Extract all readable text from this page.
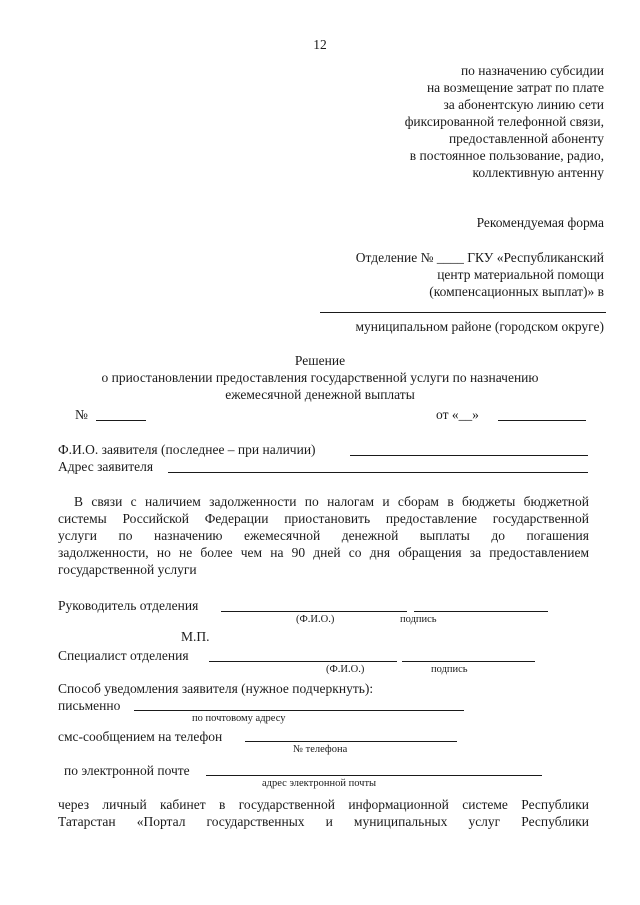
12
по назначению субсидии
на возмещение затрат по плате
за абонентскую линию сети
фиксированной телефонной связи,
предоставленной абоненту
в постоянное пользование, радио,
коллективную антенну
Рекомендуемая форма
Отделение № ____ ГКУ «Республиканский
центр материальной помощи
(компенсационных выплат)» в
муниципальном районе (городском округе)
Решение
о приостановлении предоставления государственной услуги по назначению
ежемесячной денежной выплаты
№	от «__»
Ф.И.О. заявителя (последнее – при наличии)
Адрес заявителя
В связи с наличием задолженности по налогам и сборам в бюджеты бюджетной
системы Российской Федерации приостановить предоставление государственной
услуги по назначению ежемесячной денежной выплаты до погашения
задолженности, но не более чем на 90 дней со дня обращения за предоставлением
государственной услуги
Руководитель отделения
(Ф.И.О.)	подпись
М.П.
Специалист отделения
(Ф.И.О.)	подпись
Способ уведомления заявителя (нужное подчеркнуть):
письменно
по почтовому адресу
смс-сообщением на телефон
№ телефона
по электронной почте
адрес электронной почты
через личный кабинет в государственной информационной системе Республики
Татарстан «Портал государственных и муниципальных услуг Республики
